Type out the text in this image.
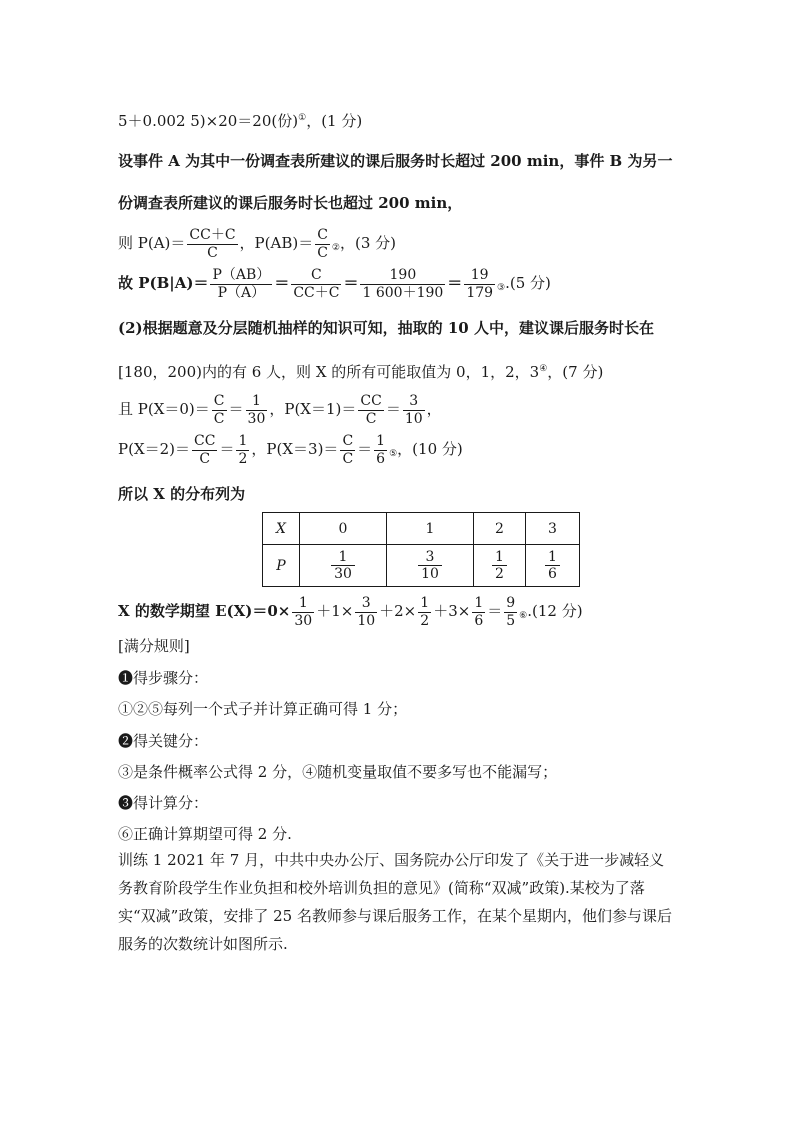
5＋0.002 5)×20＝20(份)①，(1 分)
设事件 A 为其中一份调查表所建议的课后服务时长超过 200 min，事件 B 为另一
份调查表所建议的课后服务时长也超过 200 min，
则 $P(A)= \frac{CC+C}{C}$ ，$P(AB)= \frac{C}{C}$ ②，(3 分)
故 $P(B|A)= \frac{P(AB)}{P(A)} = \frac{C}{CC+C} = \frac{190}{1 600+190} = \frac{19}{179}$ ③.(5 分)
(2)根据题意及分层随机抽样的知识可知，抽取的 10 人中，建议课后服务时长在
[180，200)内的有 6 人，则 X 的所有可能取值为 0，1，2，3④，(7 分)
且 $P(X=0)= \frac{C}{C} = \frac{1}{30}$ ，$P(X=1)= \frac{CC}{C} = \frac{3}{10}$ ，
$P(X=2)= \frac{CC}{C} = \frac{1}{2}$ ，$P(X=3)= \frac{C}{C} = \frac{1}{6}$ ⑤，(10 分)
所以 X 的分布列为
X	0	1	2	3
P	$\frac{1}{30}$	$\frac{3}{10}$	$\frac{1}{2}$	$\frac{1}{6}$
X 的数学期望 $E(X)=0\times \frac{1}{30} +1\times \frac{3}{10} +2\times \frac{1}{2} +3\times \frac{1}{6} = \frac{9}{5}$ ⑥.(12 分)
[满分规则]
❶得步骤分：
①②⑤每列一个式子并计算正确可得 1 分；
❷得关键分：
③是条件概率公式得 2 分，④随机变量取值不要多写也不能漏写；
❸得计算分：
⑥正确计算期望可得 2 分.
训练 1 2021 年 7 月，中共中央办公厅、国务院办公厅印发了《关于进一步减轻义务教育阶段学生作业负担和校外培训负担的意见》(简称“双减”政策).某校为了落实“双减”政策，安排了 25 名教师参与课后服务工作，在某个星期内，他们参与课后服务的次数统计如图所示.
